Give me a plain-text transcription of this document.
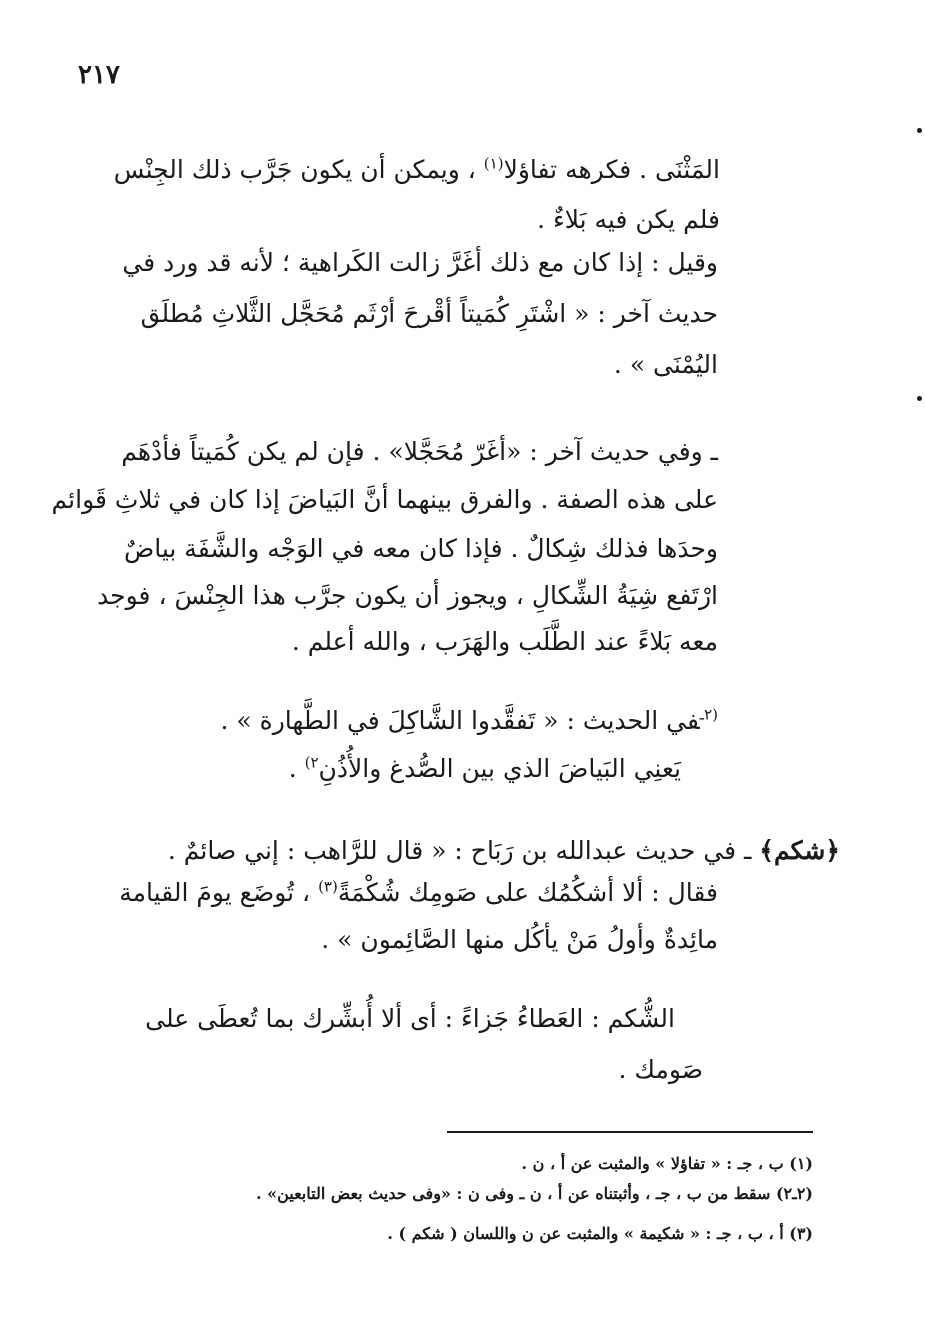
٢١٧
المَثْنَى . فكرهه تفاؤلا$^{(١)}$ ، ويمكن أن يكون جَرَّب ذلك الجِنْس
فلم يكن فيه بَلاءٌ .
وقيل : إذا كان مع ذلك أغَرَّ زالت الكَراهية ؛ لأنه قد ورد في
حديث آخر : « اشْتَرِ كُمَيتاً أقْرحَ أرْثَم مُحَجَّل الثَّلاثِ مُطلَق
اليُمْنَى » .
ـ وفي حديث آخر : «أغَرّ مُحَجَّلا» . فإن لم يكن كُمَيتاً فأدْهَم
على هذه الصفة . والفرق بينهما أنَّ البَياضَ إذا كان في ثلاثِ قَوائم
وحدَها فذلك شِكالٌ . فإذا كان معه في الوَجْه والشَّفَة بياضٌ
ارْتَفع شِيَةُ الشِّكالِ ، ويجوز أن يكون جرَّب هذا الجِنْسَ ، فوجد
معه بَلاءً عند الطَّلَب والهَرَب ، والله أعلم .
$^{(٢ـ}$في الحديث : « تَفقَّدوا الشَّاكِلَ في الطَّهارة » .
يَعنِي البَياضَ الذي بين الصُّدغ والأُذُنِ$^{٢)}$ .
﴿شكم﴾ ـ في حديث عبدالله بن رَبَاح : « قال للرَّاهب : إني صائمٌ .
فقال : ألا أشكُمُك على صَومِك شُكْمَةً$^{(٣)}$ ، تُوضَع يومَ القيامة
مائِدةٌ وأولُ مَنْ يأكُل منها الصَّائِمون » .
الشُّكم : العَطاءُ جَزاءً : أى ألا أُبشِّرك بما تُعطَى على
صَومك .
(١) ب ، جـ : « تفاؤلا » والمثبت عن أ ، ن .
(٢ـ٢) سقط من ب ، جـ ، وأثبتناه عن أ ، ن ـ وفى ن : «وفى حديث بعض التابعين» .
(٣) أ ، ب ، جـ : « شكيمة » والمثبت عن ن واللسان ( شكم ) .
